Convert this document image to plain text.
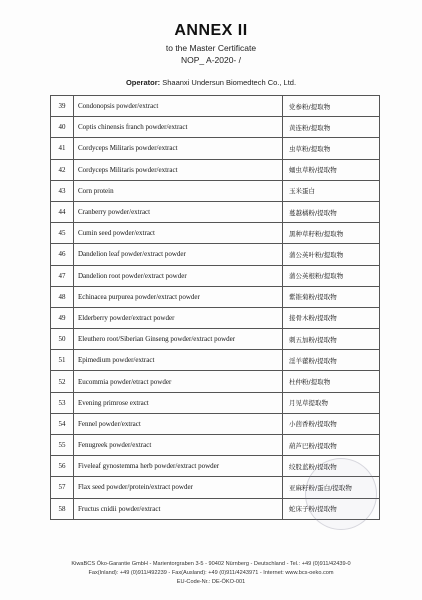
ANNEX II
to the Master Certificate
NOP_ A-2020- /
Operator: Shaanxi Undersun Biomedtech Co., Ltd.
39	Condonopsis powder/extract	党参粉/提取物
40	Coptis chinensis franch powder/extract	黄连粉/提取物
41	Cordyceps Militaris powder/extract	虫草粉/提取物
42	Cordyceps Militaris powder/extract	蛹虫草粉/提取物
43	Corn protein	玉米蛋白
44	Cranberry powder/extract	蔓越橘粉/提取物
45	Cumin seed powder/extract	黑种草籽粉/提取物
46	Dandelion leaf powder/extract powder	蒲公英叶粉/提取物
47	Dandelion root powder/extract powder	蒲公英根粉/提取物
48	Echinacea purpurea powder/extract powder	紫锥菊粉/提取物
49	Elderberry powder/extract powder	接骨木粉/提取物
50	Eleuthero root/Siberian Ginseng powder/extract powder	刺五加粉/提取物
51	Epimedium powder/extract	淫羊藿粉/提取物
52	Eucommia powder/etract powder	杜仲粉/提取物
53	Evening primrose extract	月见草提取物
54	Fennel powder/extract	小茴香粉/提取物
55	Fenugreek powder/extract	葫芦巴粉/提取物
56	Fiveleaf gynostemma herb powder/extract powder	绞股蓝粉/提取物
57	Flax seed powder/protein/extract powder	亚麻籽粉/蛋白/提取物
58	Fructus cnidii powder/extract	蛇床子粉/提取物
KiwaBCS Öko-Garantie GmbH - Marientorgraben 3-5 - 90402 Nürnberg - Deutschland - Tel.: +49 (0)911/42439-0
Fax(Inland): +49 (0)911/492239 - Fax(Ausland): +49 (0)911/4243971 - Internet: www.bcs-oeko.com
EU-Code-Nr.: DE-ÖKO-001
